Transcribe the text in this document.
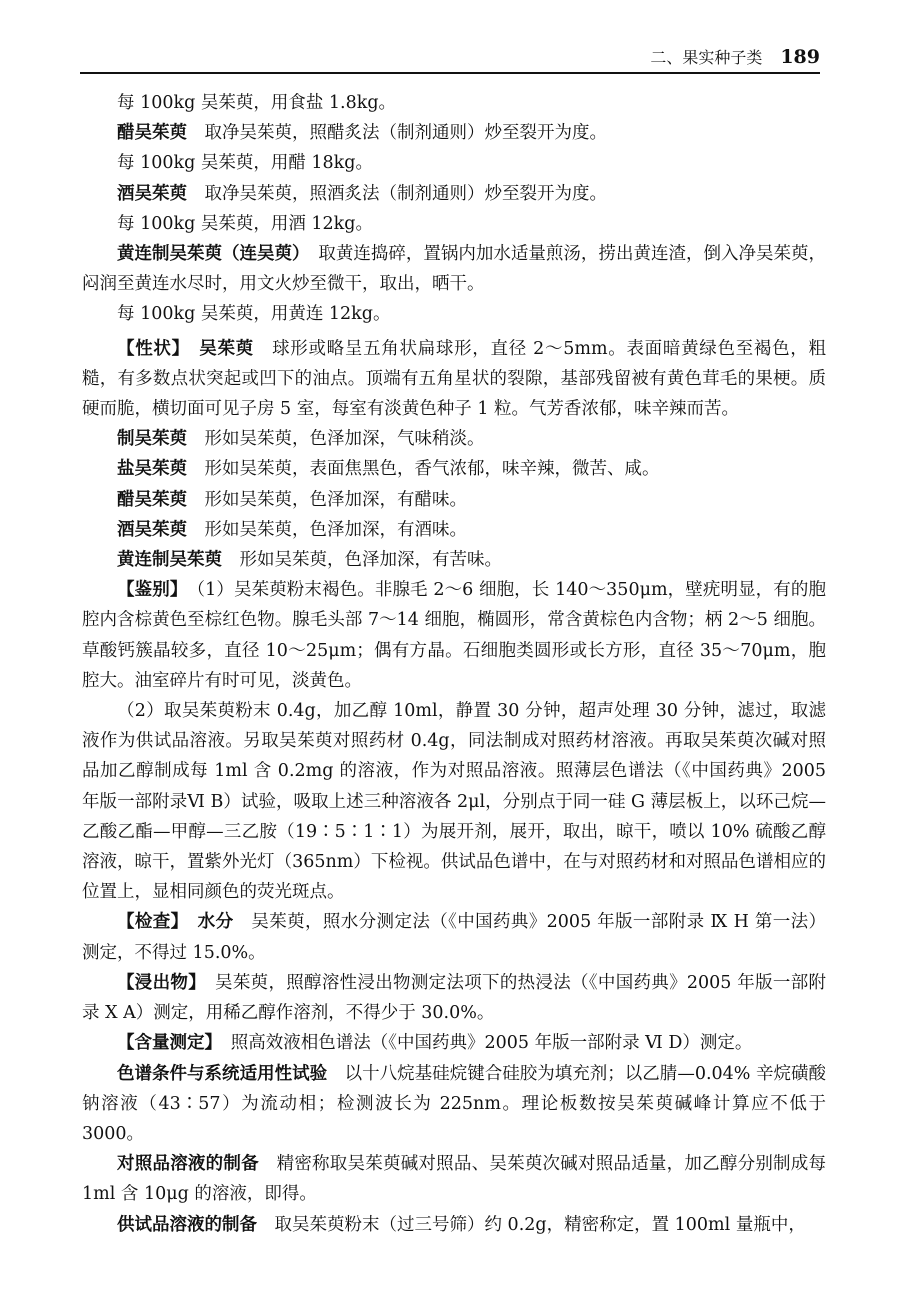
二、果实种子类 189

每 100kg 吴茱萸，用食盐 1.8kg。

醋吴茱萸　取净吴茱萸，照醋炙法（制剂通则）炒至裂开为度。

每 100kg 吴茱萸，用醋 18kg。

酒吴茱萸　取净吴茱萸，照酒炙法（制剂通则）炒至裂开为度。

每 100kg 吴茱萸，用酒 12kg。

黄连制吴茱萸（连吴萸）　取黄连捣碎，置锅内加水适量煎汤，捞出黄连渣，倒入净吴茱萸，闷润至黄连水尽时，用文火炒至微干，取出，晒干。

每 100kg 吴茱萸，用黄连 12kg。

【性状】　吴茱萸　球形或略呈五角状扁球形，直径 2～5mm。表面暗黄绿色至褐色，粗糙，有多数点状突起或凹下的油点。顶端有五角星状的裂隙，基部残留被有黄色茸毛的果梗。质硬而脆，横切面可见子房 5 室，每室有淡黄色种子 1 粒。气芳香浓郁，味辛辣而苦。

制吴茱萸　形如吴茱萸，色泽加深，气味稍淡。

盐吴茱萸　形如吴茱萸，表面焦黑色，香气浓郁，味辛辣，微苦、咸。

醋吴茱萸　形如吴茱萸，色泽加深，有醋味。

酒吴茱萸　形如吴茱萸，色泽加深，有酒味。

黄连制吴茱萸　形如吴茱萸，色泽加深，有苦味。

【鉴别】　（1）吴茱萸粉末褐色。非腺毛 2～6 细胞，长 140～350μm，壁疣明显，有的胞腔内含棕黄色至棕红色物。腺毛头部 7～14 细胞，椭圆形，常含黄棕色内含物；柄 2～5 细胞。草酸钙簇晶较多，直径 10～25μm；偶有方晶。石细胞类圆形或长方形，直径 35～70μm，胞腔大。油室碎片有时可见，淡黄色。

（2）取吴茱萸粉末 0.4g，加乙醇 10ml，静置 30 分钟，超声处理 30 分钟，滤过，取滤液作为供试品溶液。另取吴茱萸对照药材 0.4g，同法制成对照药材溶液。再取吴茱萸次碱对照品加乙醇制成每 1ml 含 0.2mg 的溶液，作为对照品溶液。照薄层色谱法（《中国药典》2005 年版一部附录Ⅵ B）试验，吸取上述三种溶液各 2μl，分别点于同一硅 G 薄层板上，以环己烷—乙酸乙酯—甲醇—三乙胺（19∶5∶1∶1）为展开剂，展开，取出，晾干，喷以 10% 硫酸乙醇溶液，晾干，置紫外光灯（365nm）下检视。供试品色谱中，在与对照药材和对照品色谱相应的位置上，显相同颜色的荧光斑点。

【检查】　水分　吴茱萸，照水分测定法（《中国药典》2005 年版一部附录 Ⅸ H 第一法）测定，不得过 15.0%。

【浸出物】　吴茱萸，照醇溶性浸出物测定法项下的热浸法（《中国药典》2005 年版一部附录 Ⅹ A）测定，用稀乙醇作溶剂，不得少于 30.0%。

【含量测定】　照高效液相色谱法（《中国药典》2005 年版一部附录 Ⅵ D）测定。

色谱条件与系统适用性试验　以十八烷基硅烷键合硅胶为填充剂；以乙腈—0.04% 辛烷磺酸钠溶液（43∶57）为流动相；检测波长为 225nm。理论板数按吴茱萸碱峰计算应不低于 3000。

对照品溶液的制备　精密称取吴茱萸碱对照品、吴茱萸次碱对照品适量，加乙醇分别制成每 1ml 含 10μg 的溶液，即得。

供试品溶液的制备　取吴茱萸粉末（过三号筛）约 0.2g，精密称定，置 100ml 量瓶中，
